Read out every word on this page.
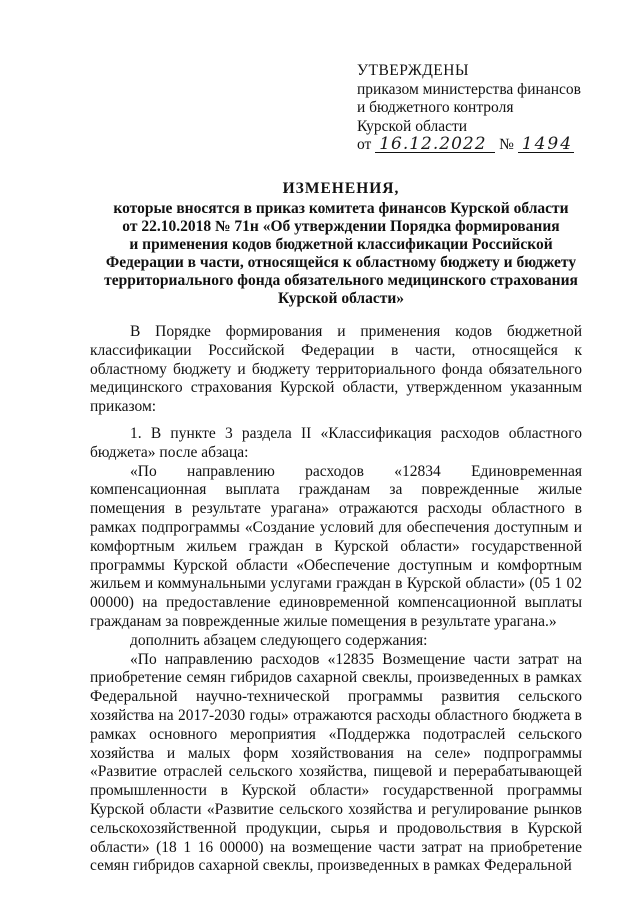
УТВЕРЖДЕНЫ
приказом министерства финансов
и бюджетного контроля
Курской области
от 16.12.2022 № 1494
ИЗМЕНЕНИЯ,
которые вносятся в приказ комитета финансов Курской области
от 22.10.2018 № 71н «Об утверждении Порядка формирования
и применения кодов бюджетной классификации Российской
Федерации в части, относящейся к областному бюджету и бюджету
территориального фонда обязательного медицинского страхования
Курской области»

В Порядке формирования и применения кодов бюджетной классификации Российской Федерации в части, относящейся к областному бюджету и бюджету территориального фонда обязательного медицинского страхования Курской области, утвержденном указанным приказом:

1. В пункте 3 раздела II «Классификация расходов областного бюджета» после абзаца:

«По направлению расходов «12834 Единовременная компенсационная выплата гражданам за поврежденные жилые помещения в результате урагана» отражаются расходы областного в рамках подпрограммы «Создание условий для обеспечения доступным и комфортным жильем граждан в Курской области» государственной программы Курской области «Обеспечение доступным и комфортным жильем и коммунальными услугами граждан в Курской области» (05 1 02 00000) на предоставление единовременной компенсационной выплаты гражданам за поврежденные жилые помещения в результате урагана.»

дополнить абзацем следующего содержания:

«По направлению расходов «12835 Возмещение части затрат на приобретение семян гибридов сахарной свеклы, произведенных в рамках Федеральной научно-технической программы развития сельского хозяйства на 2017-2030 годы» отражаются расходы областного бюджета в рамках основного мероприятия «Поддержка подотраслей сельского хозяйства и малых форм хозяйствования на селе» подпрограммы «Развитие отраслей сельского хозяйства, пищевой и перерабатывающей промышленности в Курской области» государственной программы Курской области «Развитие сельского хозяйства и регулирование рынков сельскохозяйственной продукции, сырья и продовольствия в Курской области» (18 1 16 00000) на возмещение части затрат на приобретение семян гибридов сахарной свеклы, произведенных в рамках Федеральной
